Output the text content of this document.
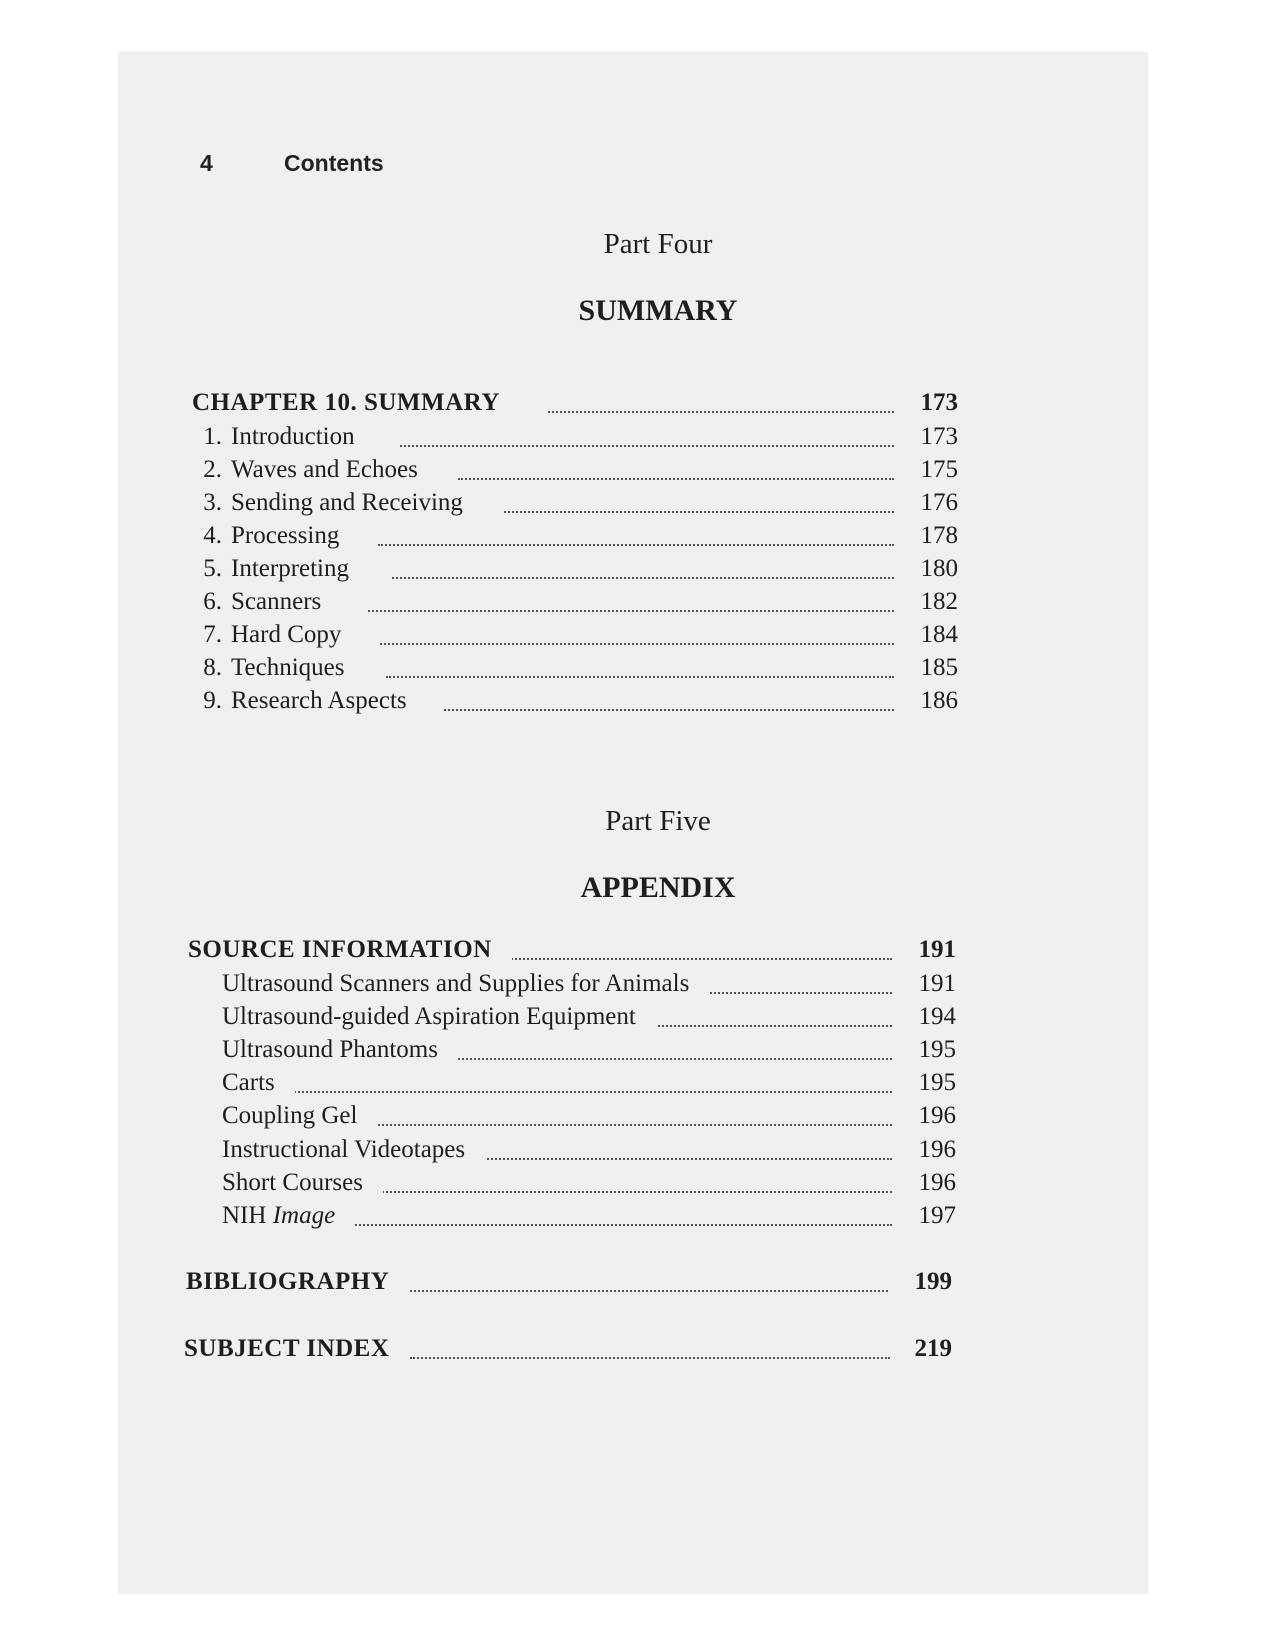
4	Contents
Part Four
SUMMARY
CHAPTER 10. SUMMARY	173
1. Introduction	173
2. Waves and Echoes	175
3. Sending and Receiving	176
4. Processing	178
5. Interpreting	180
6. Scanners	182
7. Hard Copy	184
8. Techniques	185
9. Research Aspects	186
Part Five
APPENDIX
SOURCE INFORMATION	191
Ultrasound Scanners and Supplies for Animals	191
Ultrasound-guided Aspiration Equipment	194
Ultrasound Phantoms	195
Carts	195
Coupling Gel	196
Instructional Videotapes	196
Short Courses	196
NIH Image	197
BIBLIOGRAPHY	199
SUBJECT INDEX	219
